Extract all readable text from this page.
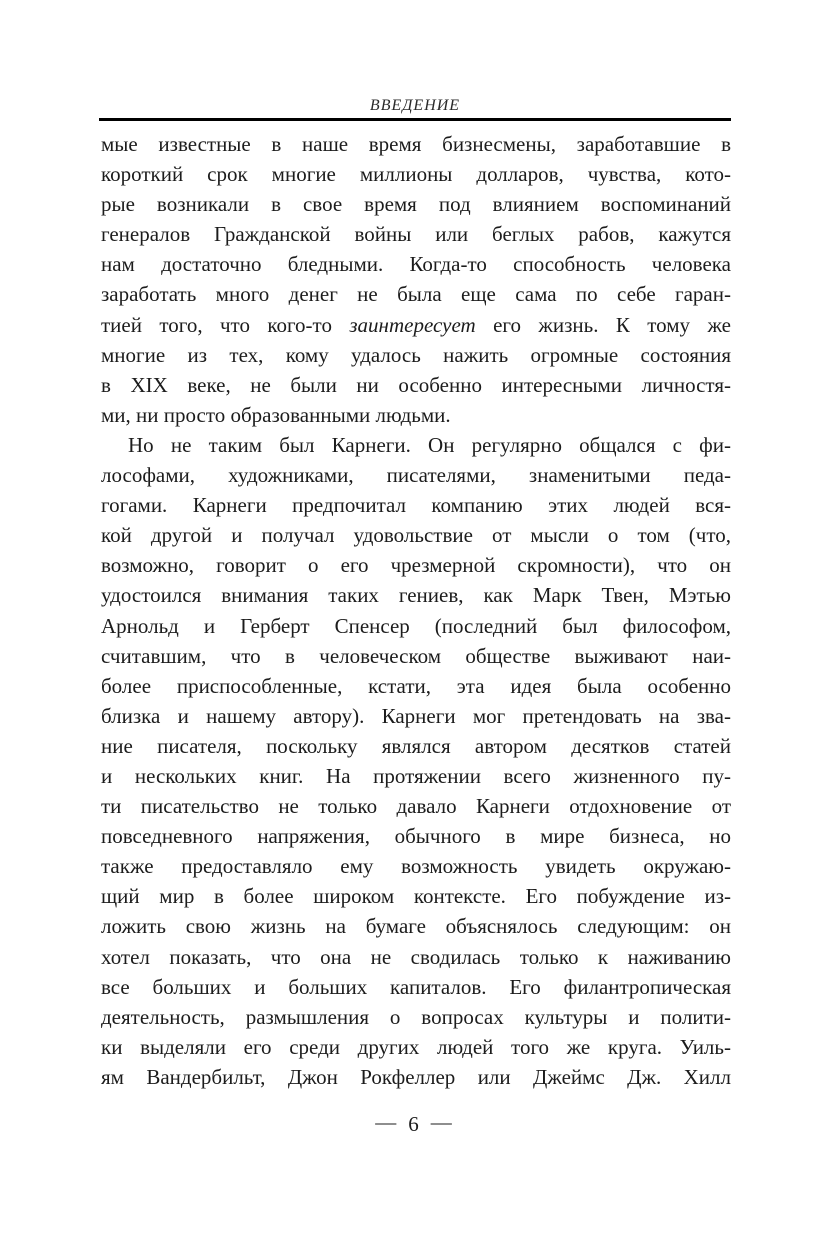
ВВЕДЕНИЕ
мые известные в наше время бизнесмены, заработавшие в
короткий срок многие миллионы долларов, чувства, кото-
рые возникали в свое время под влиянием воспоминаний
генералов Гражданской войны или беглых рабов, кажутся
нам достаточно бледными. Когда-то способность человека
заработать много денег не была еще сама по себе гаран-
тией того, что кого-то заинтересует его жизнь. К тому же
многие из тех, кому удалось нажить огромные состояния
в XIX веке, не были ни особенно интересными личностя-
ми, ни просто образованными людьми.
Но не таким был Карнеги. Он регулярно общался с фи-
лософами, художниками, писателями, знаменитыми педа-
гогами. Карнеги предпочитал компанию этих людей вся-
кой другой и получал удовольствие от мысли о том (что,
возможно, говорит о его чрезмерной скромности), что он
удостоился внимания таких гениев, как Марк Твен, Мэтью
Арнольд и Герберт Спенсер (последний был философом,
считавшим, что в человеческом обществе выживают наи-
более приспособленные, кстати, эта идея была особенно
близка и нашему автору). Карнеги мог претендовать на зва-
ние писателя, поскольку являлся автором десятков статей
и нескольких книг. На протяжении всего жизненного пу-
ти писательство не только давало Карнеги отдохновение от
повседневного напряжения, обычного в мире бизнеса, но
также предоставляло ему возможность увидеть окружаю-
щий мир в более широком контексте. Его побуждение из-
ложить свою жизнь на бумаге объяснялось следующим: он
хотел показать, что она не сводилась только к наживанию
все больших и больших капиталов. Его филантропическая
деятельность, размышления о вопросах культуры и полити-
ки выделяли его среди других людей того же круга. Уиль-
ям Вандербильт, Джон Рокфеллер или Джеймс Дж. Хилл
— 6 —
